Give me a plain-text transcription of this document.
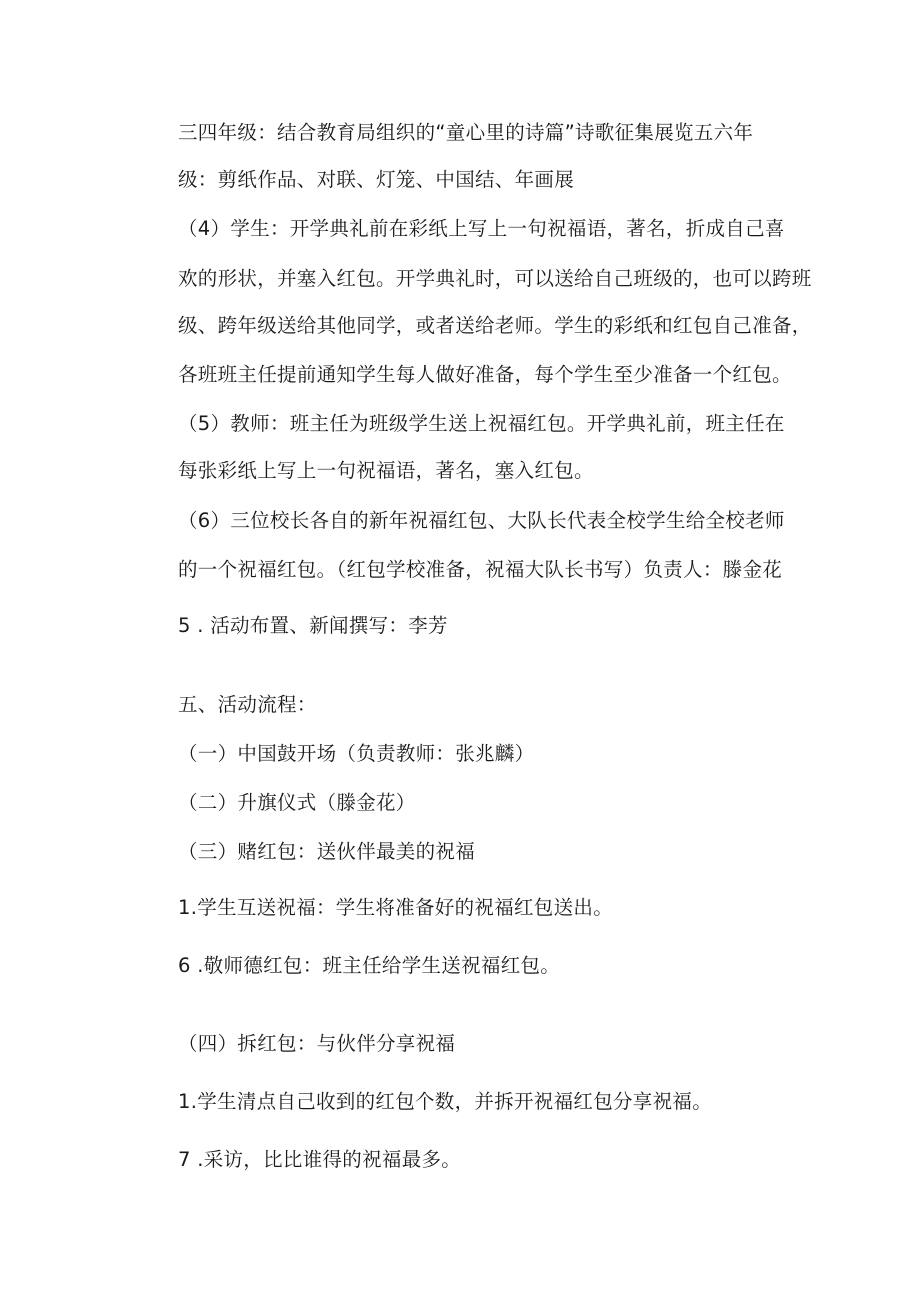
三四年级：结合教育局组织的“童心里的诗篇”诗歌征集展览五六年
级：剪纸作品、对联、灯笼、中国结、年画展
（4）学生：开学典礼前在彩纸上写上一句祝福语，著名，折成自己喜
欢的形状，并塞入红包。开学典礼时，可以送给自己班级的，也可以跨班
级、跨年级送给其他同学，或者送给老师。学生的彩纸和红包自己准备，
各班班主任提前通知学生每人做好准备，每个学生至少准备一个红包。
（5）教师：班主任为班级学生送上祝福红包。开学典礼前，班主任在
每张彩纸上写上一句祝福语，著名，塞入红包。
（6）三位校长各自的新年祝福红包、大队长代表全校学生给全校老师
的一个祝福红包。（红包学校准备，祝福大队长书写）负责人：滕金花
5 . 活动布置、新闻撰写：李芳
五、活动流程：
（一）中国鼓开场（负责教师：张兆麟）
（二）升旗仪式（滕金花）
（三）赌红包：送伙伴最美的祝福
1.学生互送祝福：学生将准备好的祝福红包送出。
6 .敬师德红包：班主任给学生送祝福红包。
（四）拆红包：与伙伴分享祝福
1.学生清点自己收到的红包个数，并拆开祝福红包分享祝福。
7 .采访，比比谁得的祝福最多。
